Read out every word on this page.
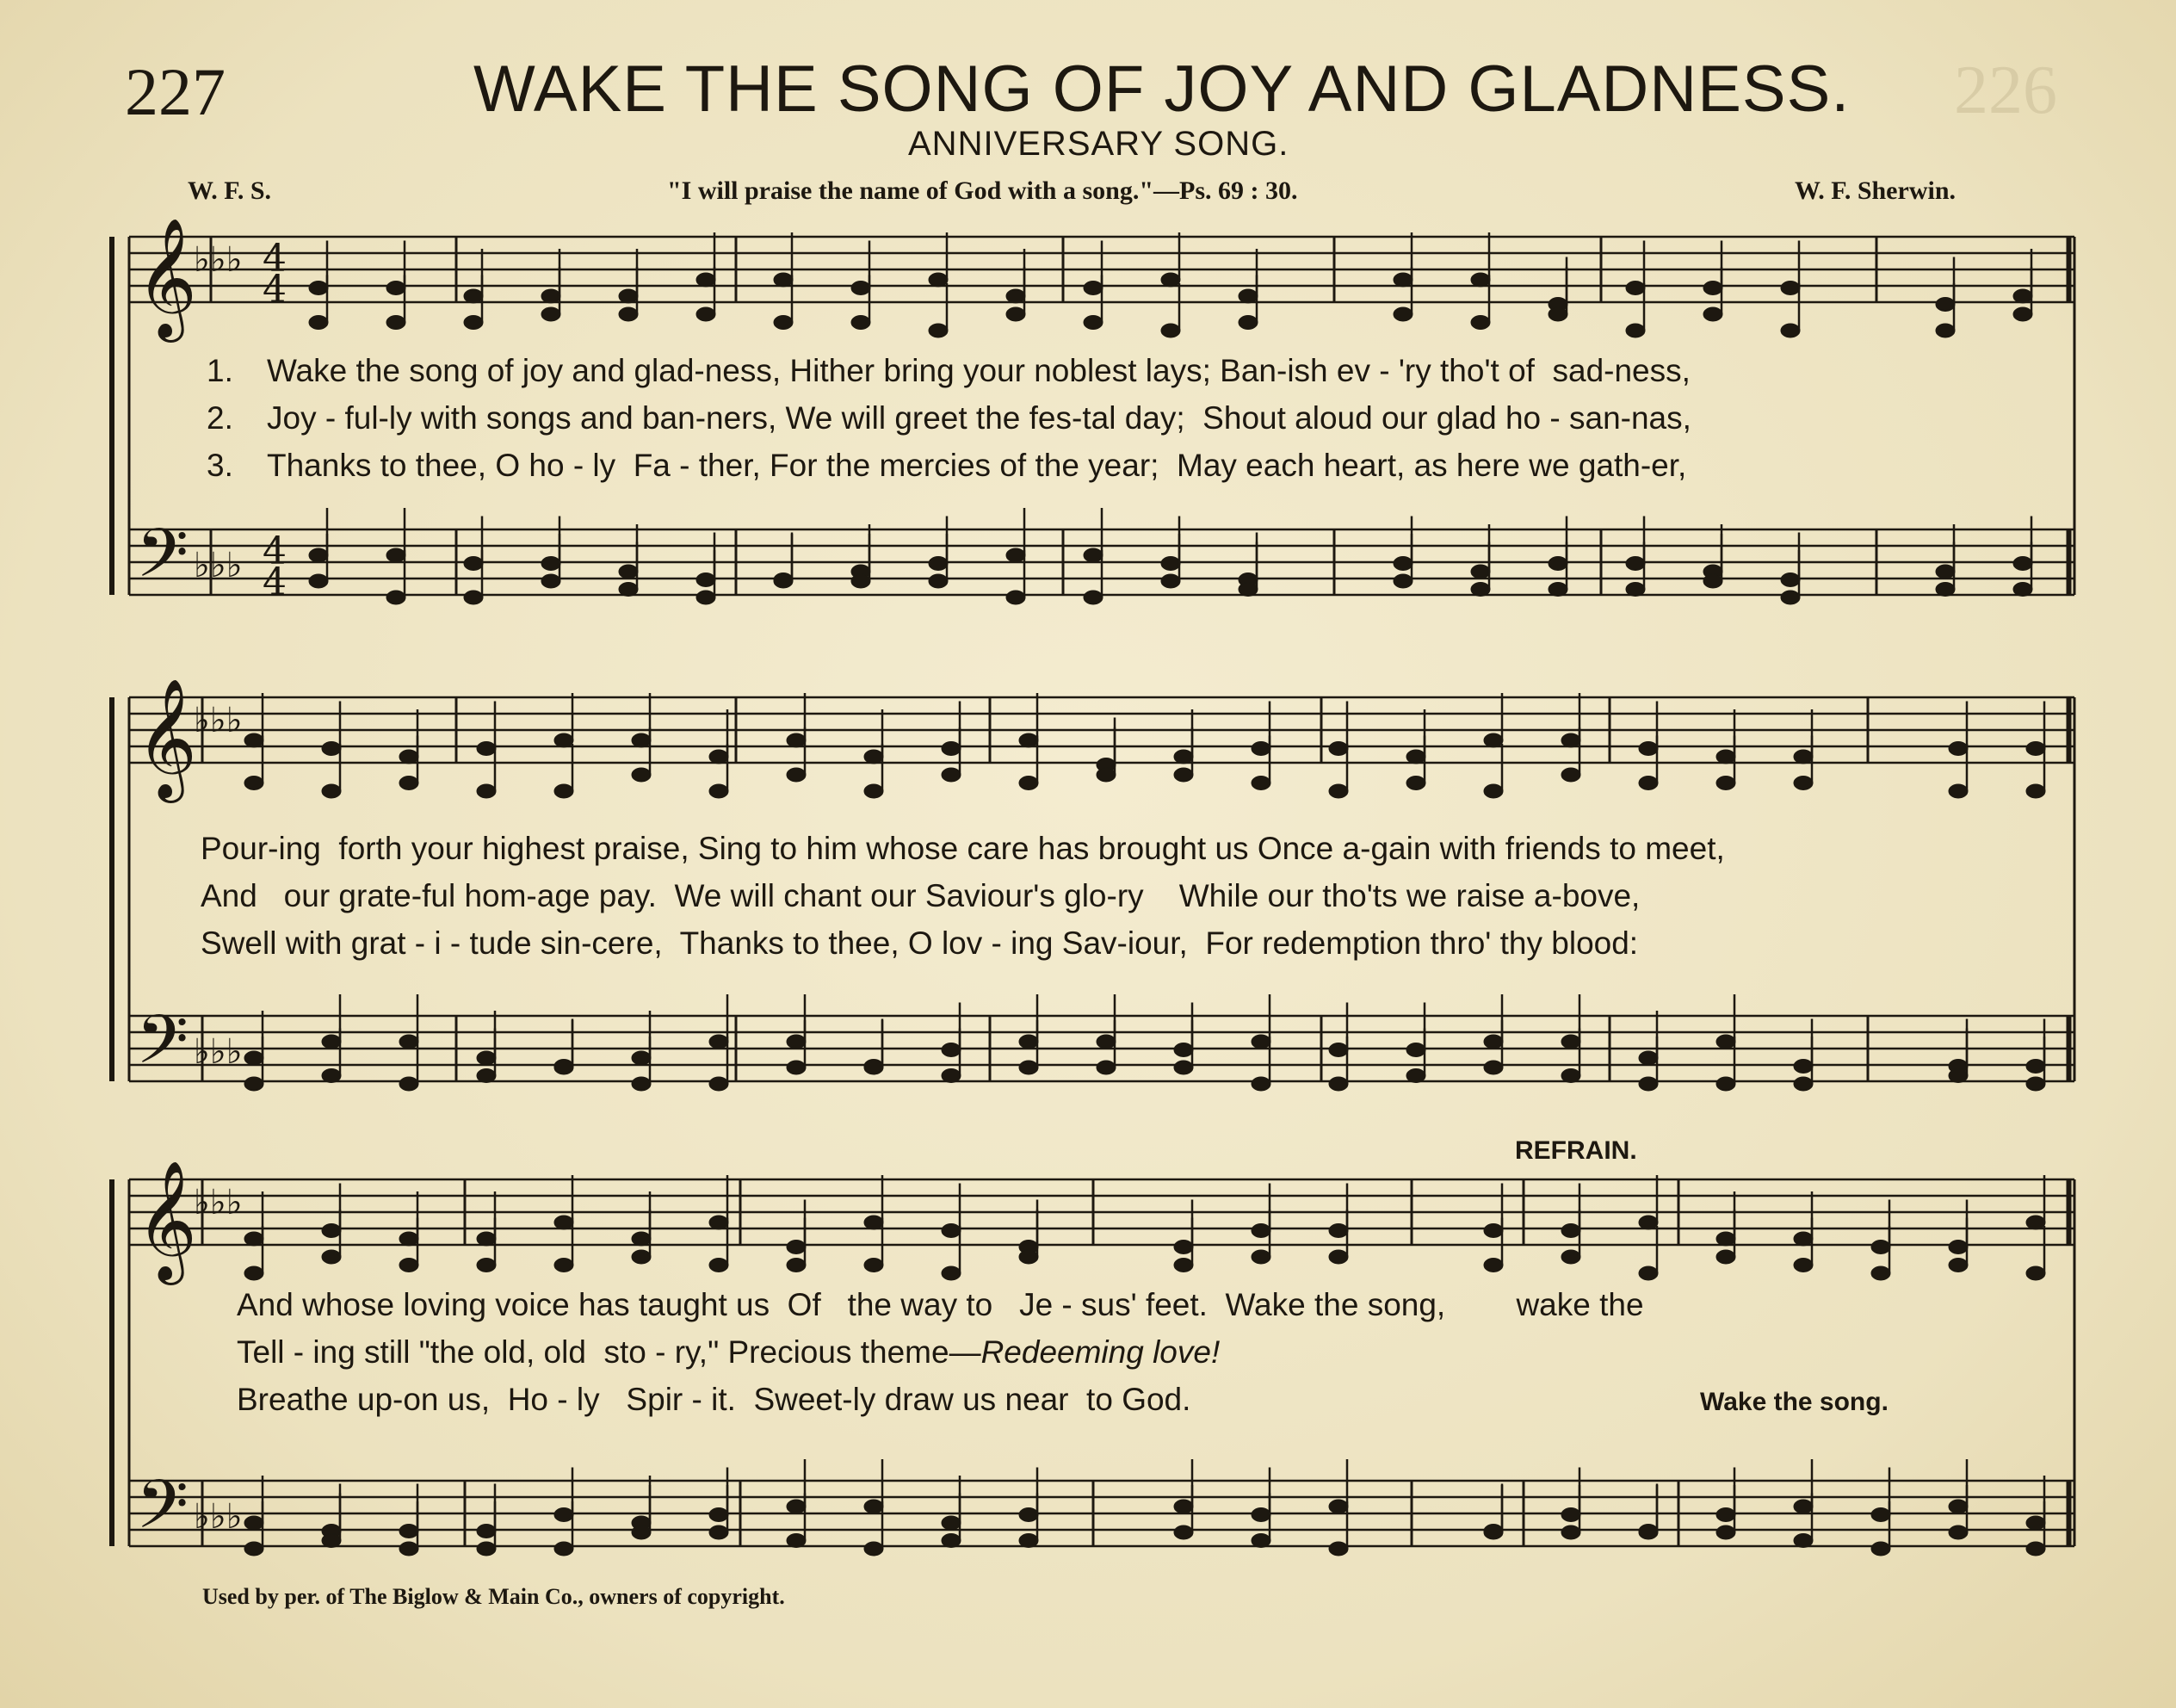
226
227	WAKE THE SONG OF JOY AND GLADNESS.
ANNIVERSARY SONG.
W. F. S.	"I will praise the name of God with a song."—Ps. 69 : 30.	W. F. Sherwin.
𝄞
𝄢
♭♭♭
♭♭♭
4
4
4
4
𝄞
𝄢
♭♭♭
♭♭♭
𝄞
𝄢
♭♭♭
♭♭♭
1. Wake the song of joy and glad-ness, Hither bring your noblest lays; Ban-ish ev - 'ry tho't of  sad-ness,
2. Joy - ful-ly with songs and ban-ners, We will greet the fes-tal day;  Shout aloud our glad ho - san-nas,
3. Thanks to thee, O ho - ly  Fa - ther, For the mercies of the year;  May each heart, as here we gath-er,
Pour-ing  forth your highest praise, Sing to him whose care has brought us Once a-gain with friends to meet,
And   our grate-ful hom-age pay.  We will chant our Saviour's glo-ry    While our tho'ts we raise a-bove,
Swell with grat - i - tude sin-cere,  Thanks to thee, O lov - ing Sav-iour,  For redemption thro' thy blood:
REFRAIN.
And whose loving voice has taught us  Of   the way to   Je - sus' feet.  Wake the song,        wake the
Tell - ing still "the old, old  sto - ry," Precious theme—Redeeming love!
Breathe up-on us,  Ho - ly   Spir - it.  Sweet-ly draw us near  to God.	Wake the song.
Used by per. of The Biglow & Main Co., owners of copyright.
